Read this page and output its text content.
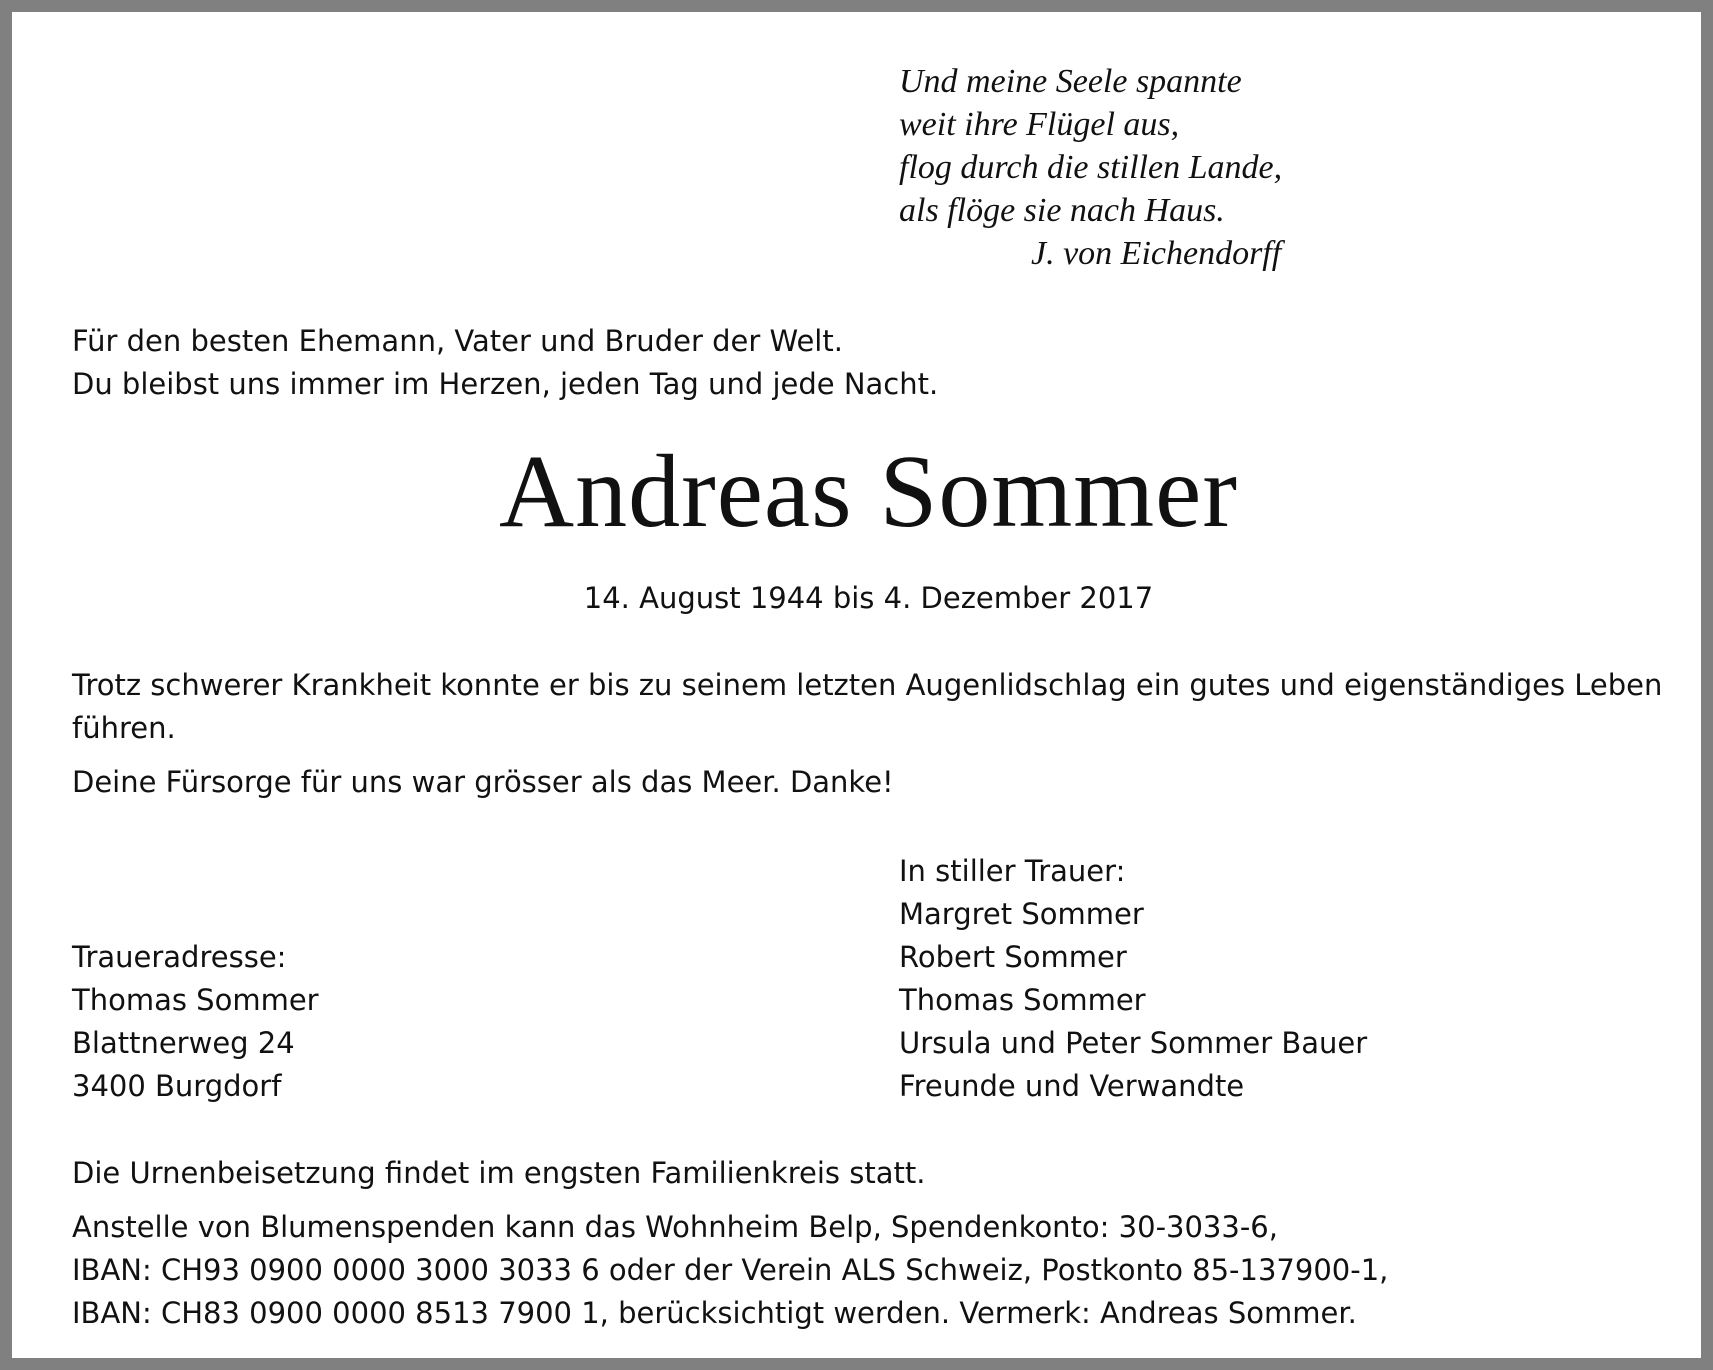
Und meine Seele spannte
weit ihre Flügel aus,
flog durch die stillen Lande,
als flöge sie nach Haus.
J. von Eichendorff
Für den besten Ehemann, Vater und Bruder der Welt.
Du bleibst uns immer im Herzen, jeden Tag und jede Nacht.
Andreas Sommer
14. August 1944 bis 4. Dezember 2017

Trotz schwerer Krankheit konnte er bis zu seinem letzten Augenlidschlag ein gutes und eigenständiges Leben führen.

Deine Fürsorge für uns war grösser als das Meer. Danke!

In stiller Trauer:
Margret Sommer
Robert Sommer
Thomas Sommer
Ursula und Peter Sommer Bauer
Freunde und Verwandte
Traueradresse:
Thomas Sommer
Blattnerweg 24
3400 Burgdorf

Die Urnenbeisetzung findet im engsten Familienkreis statt.

Anstelle von Blumenspenden kann das Wohnheim Belp, Spendenkonto: 30-3033-6,
IBAN: CH93 0900 0000 3000 3033 6 oder der Verein ALS Schweiz, Postkonto 85-137900-1,
IBAN: CH83 0900 0000 8513 7900 1, berücksichtigt werden. Vermerk: Andreas Sommer.
